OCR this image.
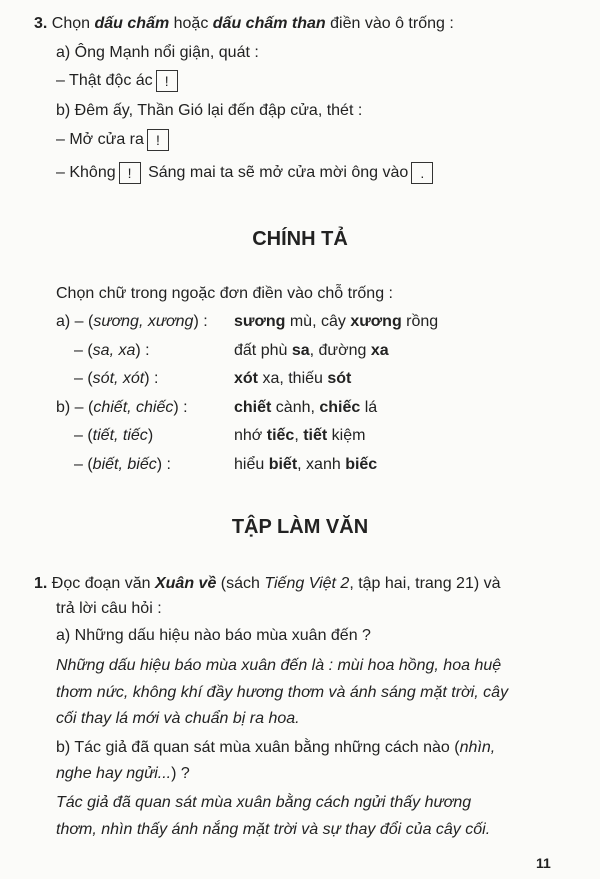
3. Chọn dấu chấm hoặc dấu chấm than điền vào ô trống :
a) Ông Mạnh nổi giận, quát :
– Thật độc ác !
b) Đêm ấy, Thần Gió lại đến đập cửa, thét :
– Mở cửa ra !
– Không ! Sáng mai ta sẽ mở cửa mời ông vào .
CHÍNH TẢ
Chọn chữ trong ngoặc đơn điền vào chỗ trống :
a) – (sương, xương) : sương mù, cây xương rồng
– (sa, xa) :	đất phù sa, đường xa
– (sót, xót) :	xót xa, thiếu sót
b) – (chiết, chiếc) :	chiết cành, chiếc lá
– (tiết, tiếc)	nhớ tiếc, tiết kiệm
– (biết, biếc) :	hiểu biết, xanh biếc
TẬP LÀM VĂN
1. Đọc đoạn văn Xuân về (sách Tiếng Việt 2, tập hai, trang 21) và
trả lời câu hỏi :
a) Những dấu hiệu nào báo mùa xuân đến ?
Những dấu hiệu báo mùa xuân đến là : mùi hoa hồng, hoa huệ
thơm nức, không khí đầy hương thơm và ánh sáng mặt trời, cây
cối thay lá mới và chuẩn bị ra hoa.
b) Tác giả đã quan sát mùa xuân bằng những cách nào (nhìn,
nghe hay ngửi...) ?
Tác giả đã quan sát mùa xuân bằng cách ngửi thấy hương
thơm, nhìn thấy ánh nắng mặt trời và sự thay đổi của cây cối.
11
